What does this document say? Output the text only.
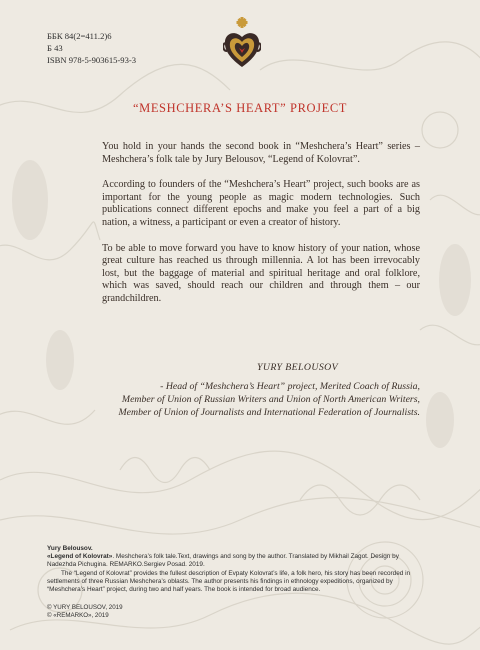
ББК 84(2=411.2)6
Б 43
ISBN 978-5-903615-93-3
“MESHCHERA’S HEART” PROJECT

You hold in your hands the second book in “Meshchera’s Heart” series – Meshchera’s folk tale by Jury Belousov, “Legend of Kolovrat”.

According to founders of the “Meshchera’s Heart” project, such books are as important for the young people as magic modern technologies. Such publications connect different epochs and make you feel a part of a big nation, a witness, a participant or even a creator of history.

To be able to move forward you have to know history of your nation, whose great culture has reached us through millennia. A lot has been irrevocably lost, but the baggage of material and spiritual heritage and oral folklore, which was saved, should reach our children and through them – our grandchildren.

YURY BELOUSOV
- Head of “Meshchera’s Heart” project, Merited Coach of Russia,
Member of Union of Russian Writers and Union of North American Writers,
Member of Union of Journalists and International Federation of Journalists.
Yury Belousov.
«Legend of Kolovrat». Meshchera’s folk tale.Text, drawings and song by the author. Translated by Mikhail Zagot. Design by Nadezhda Pichugina. REMARKO.Sergiev Posad. 2019.
The “Legend of Kolovrat” provides the fullest description of Evpaty Kolovrat’s life, a folk hero, his story has been recorded in settlements of three Russian Meshchera’s oblasts. The author presents his findings in ethnology expeditions, organized by “Meshchera’s Heart” project, during two and half years. The book is intended for broad audience.
© YURY BELOUSOV, 2019
© «REMARKO», 2019
